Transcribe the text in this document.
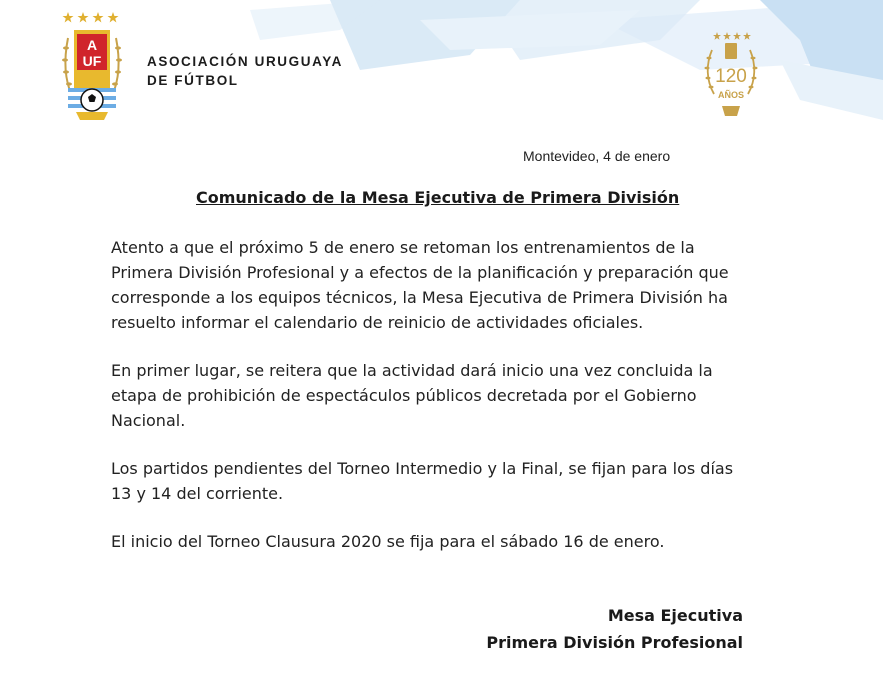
A
UF	ASOCIACIÓN URUGUAYA
DE FÚTBOL	120
AÑOS
Montevideo, 4 de enero
Comunicado de la Mesa Ejecutiva de Primera División
Atento a que el próximo 5 de enero se retoman los entrenamientos de la
Primera División Profesional y a efectos de la planificación y preparación que
corresponde a los equipos técnicos, la Mesa Ejecutiva de Primera División ha
resuelto informar el calendario de reinicio de actividades oficiales.
En primer lugar, se reitera que la actividad dará inicio una vez concluida la
etapa de prohibición de espectáculos públicos decretada por el Gobierno
Nacional.
Los partidos pendientes del Torneo Intermedio y la Final, se fijan para los días
13 y 14 del corriente.
El inicio del Torneo Clausura 2020 se fija para el sábado 16 de enero.
Mesa Ejecutiva
Primera División Profesional
